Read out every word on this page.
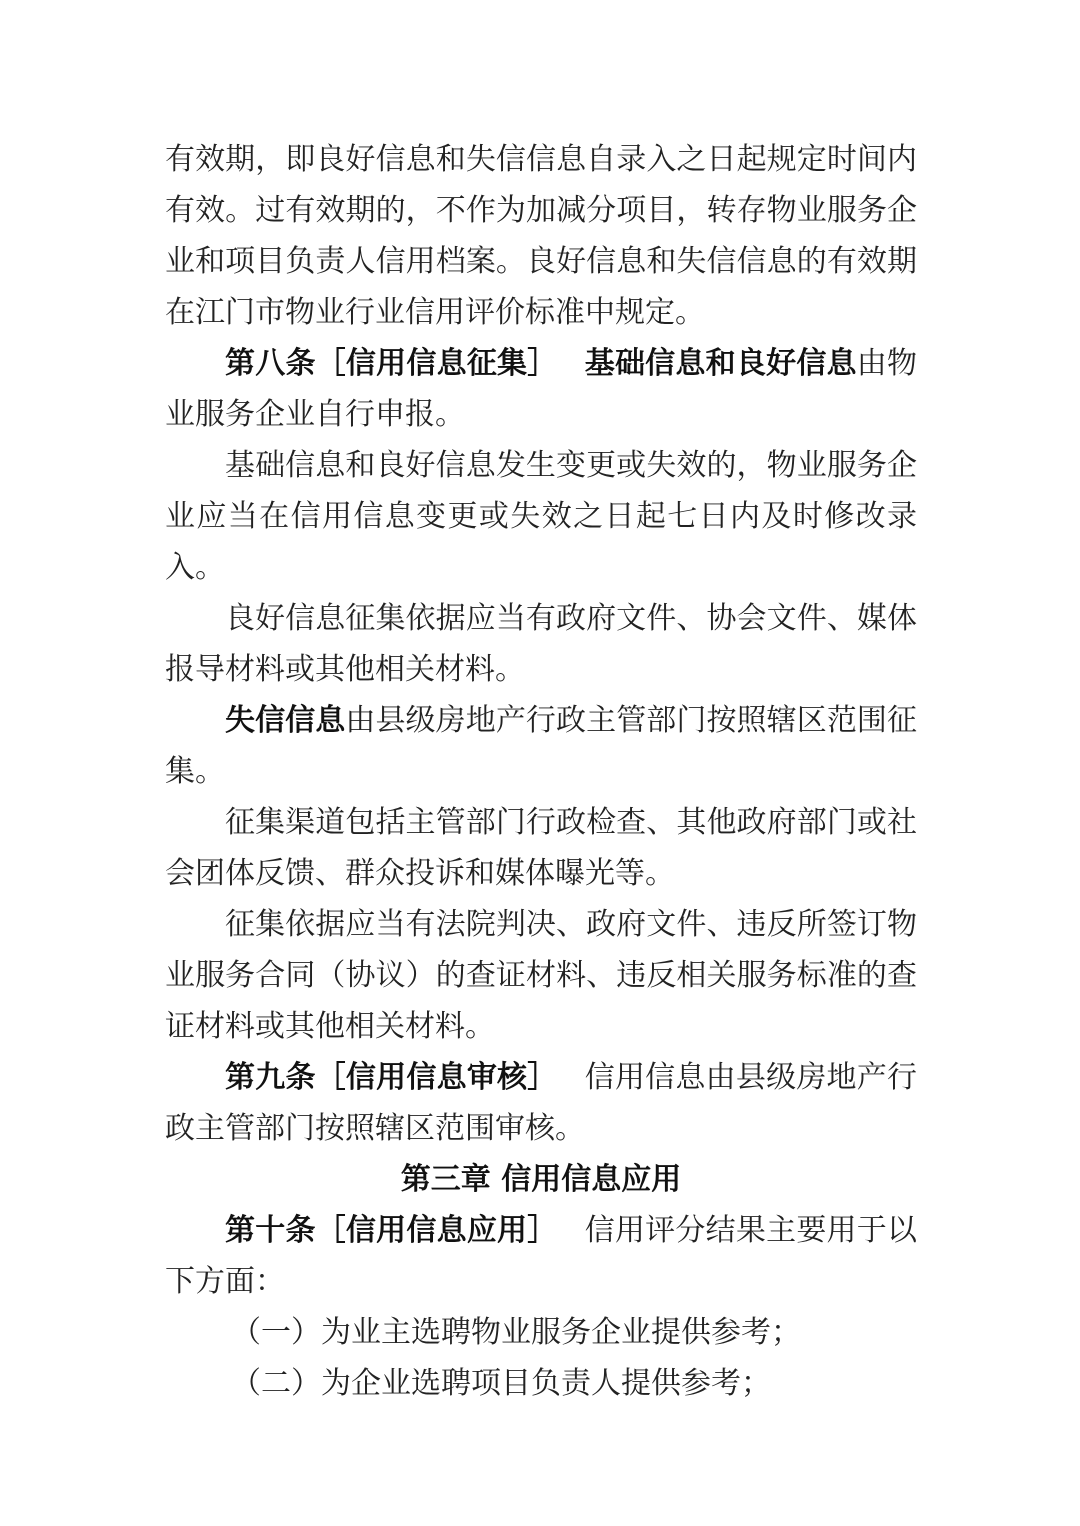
有效期，即良好信息和失信信息自录入之日起规定时间内有效。过有效期的，不作为加减分项目，转存物业服务企业和项目负责人信用档案。良好信息和失信信息的有效期在江门市物业行业信用评价标准中规定。

第八条［信用信息征集］ 基础信息和良好信息由物业服务企业自行申报。

基础信息和良好信息发生变更或失效的，物业服务企业应当在信用信息变更或失效之日起七日内及时修改录入。

良好信息征集依据应当有政府文件、协会文件、媒体报导材料或其他相关材料。

失信信息由县级房地产行政主管部门按照辖区范围征集。

征集渠道包括主管部门行政检查、其他政府部门或社会团体反馈、群众投诉和媒体曝光等。

征集依据应当有法院判决、政府文件、违反所签订物业服务合同（协议）的查证材料、违反相关服务标准的查证材料或其他相关材料。

第九条［信用信息审核］ 信用信息由县级房地产行政主管部门按照辖区范围审核。

第三章 信用信息应用

第十条［信用信息应用］ 信用评分结果主要用于以下方面：

（一）为业主选聘物业服务企业提供参考；

（二）为企业选聘项目负责人提供参考；
